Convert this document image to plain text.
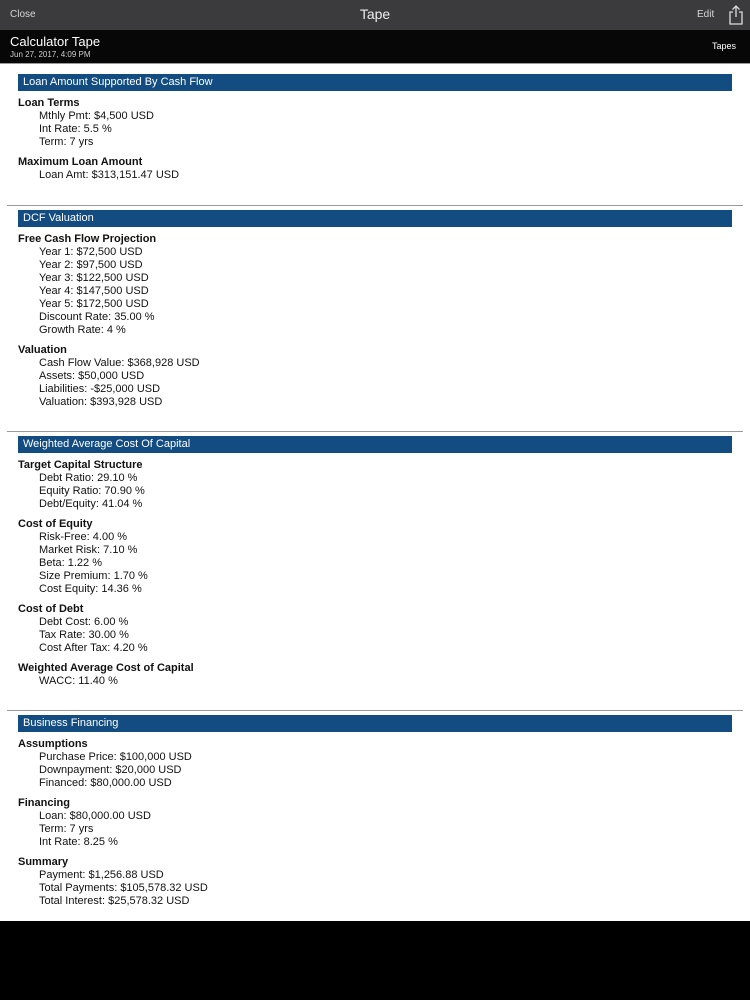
Close	Tape	Edit
Calculator Tape
Jun 27, 2017, 4:09 PM
Tapes
Loan Amount Supported By Cash Flow
Loan Terms
Mthly Pmt: $4,500 USD
Int Rate: 5.5 %
Term: 7 yrs
Maximum Loan Amount
Loan Amt: $313,151.47 USD
DCF Valuation
Free Cash Flow Projection
Year 1: $72,500 USD
Year 2: $97,500 USD
Year 3: $122,500 USD
Year 4: $147,500 USD
Year 5: $172,500 USD
Discount Rate: 35.00 %
Growth Rate: 4 %
Valuation
Cash Flow Value: $368,928 USD
Assets: $50,000 USD
Liabilities: -$25,000 USD
Valuation: $393,928 USD
Weighted Average Cost Of Capital
Target Capital Structure
Debt Ratio: 29.10 %
Equity Ratio: 70.90 %
Debt/Equity: 41.04 %
Cost of Equity
Risk-Free: 4.00 %
Market Risk: 7.10 %
Beta: 1.22 %
Size Premium: 1.70 %
Cost Equity: 14.36 %
Cost of Debt
Debt Cost: 6.00 %
Tax Rate: 30.00 %
Cost After Tax: 4.20 %
Weighted Average Cost of Capital
WACC: 11.40 %
Business Financing
Assumptions
Purchase Price: $100,000 USD
Downpayment: $20,000 USD
Financed: $80,000.00 USD
Financing
Loan: $80,000.00 USD
Term: 7 yrs
Int Rate: 8.25 %
Summary
Payment: $1,256.88 USD
Total Payments: $105,578.32 USD
Total Interest: $25,578.32 USD
